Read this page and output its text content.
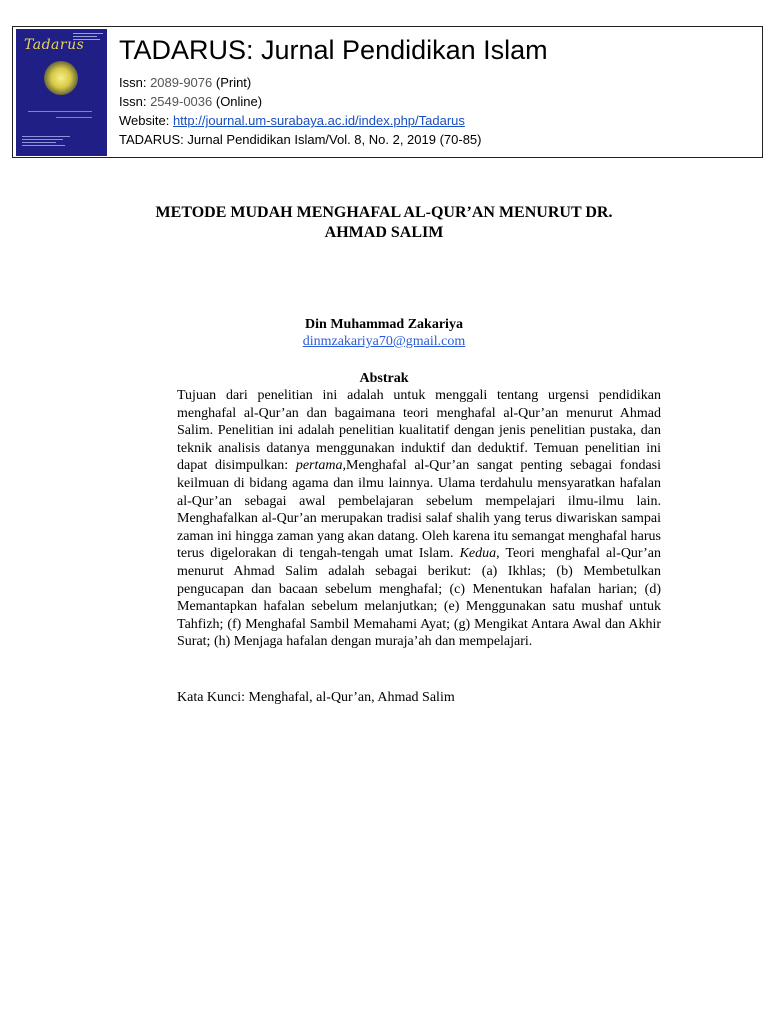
Tadarus TADARUS: Jurnal Pendidikan Islam
Issn: 2089-9076 (Print)
Issn: 2549-0036 (Online)
Website: http://journal.um-surabaya.ac.id/index.php/Tadarus
TADARUS: Jurnal Pendidikan Islam/Vol. 8, No. 2, 2019 (70-85)
METODE MUDAH MENGHAFAL AL-QUR’AN MENURUT DR.
AHMAD SALIM
Din Muhammad Zakariya
dinmzakariya70@gmail.com
Abstrak

Tujuan dari penelitian ini adalah untuk menggali tentang urgensi pendidikan menghafal al-Qur’an dan bagaimana teori menghafal al-Qur’an menurut Ahmad Salim. Penelitian ini adalah penelitian kualitatif dengan jenis penelitian pustaka, dan teknik analisis datanya menggunakan induktif dan deduktif. Temuan penelitian ini dapat disimpulkan: pertama,Menghafal al-Qur’an sangat penting sebagai fondasi keilmuan di bidang agama dan ilmu lainnya. Ulama terdahulu mensyaratkan hafalan al-Qur’an sebagai awal pembelajaran sebelum mempelajari ilmu-ilmu lain. Menghafalkan al-Qur’an merupakan tradisi salaf shalih yang terus diwariskan sampai zaman ini hingga zaman yang akan datang. Oleh karena itu semangat menghafal harus terus digelorakan di tengah-tengah umat Islam. Kedua, Teori menghafal al-Qur’an menurut Ahmad Salim adalah sebagai berikut: (a) Ikhlas; (b) Membetulkan pengucapan dan bacaan sebelum menghafal; (c) Menentukan hafalan harian; (d) Memantapkan hafalan sebelum melanjutkan; (e) Menggunakan satu mushaf untuk Tahfizh; (f) Menghafal Sambil Memahami Ayat; (g) Mengikat Antara Awal dan Akhir Surat; (h) Menjaga hafalan dengan muraja’ah dan mempelajari.

Kata Kunci: Menghafal, al-Qur’an, Ahmad Salim
